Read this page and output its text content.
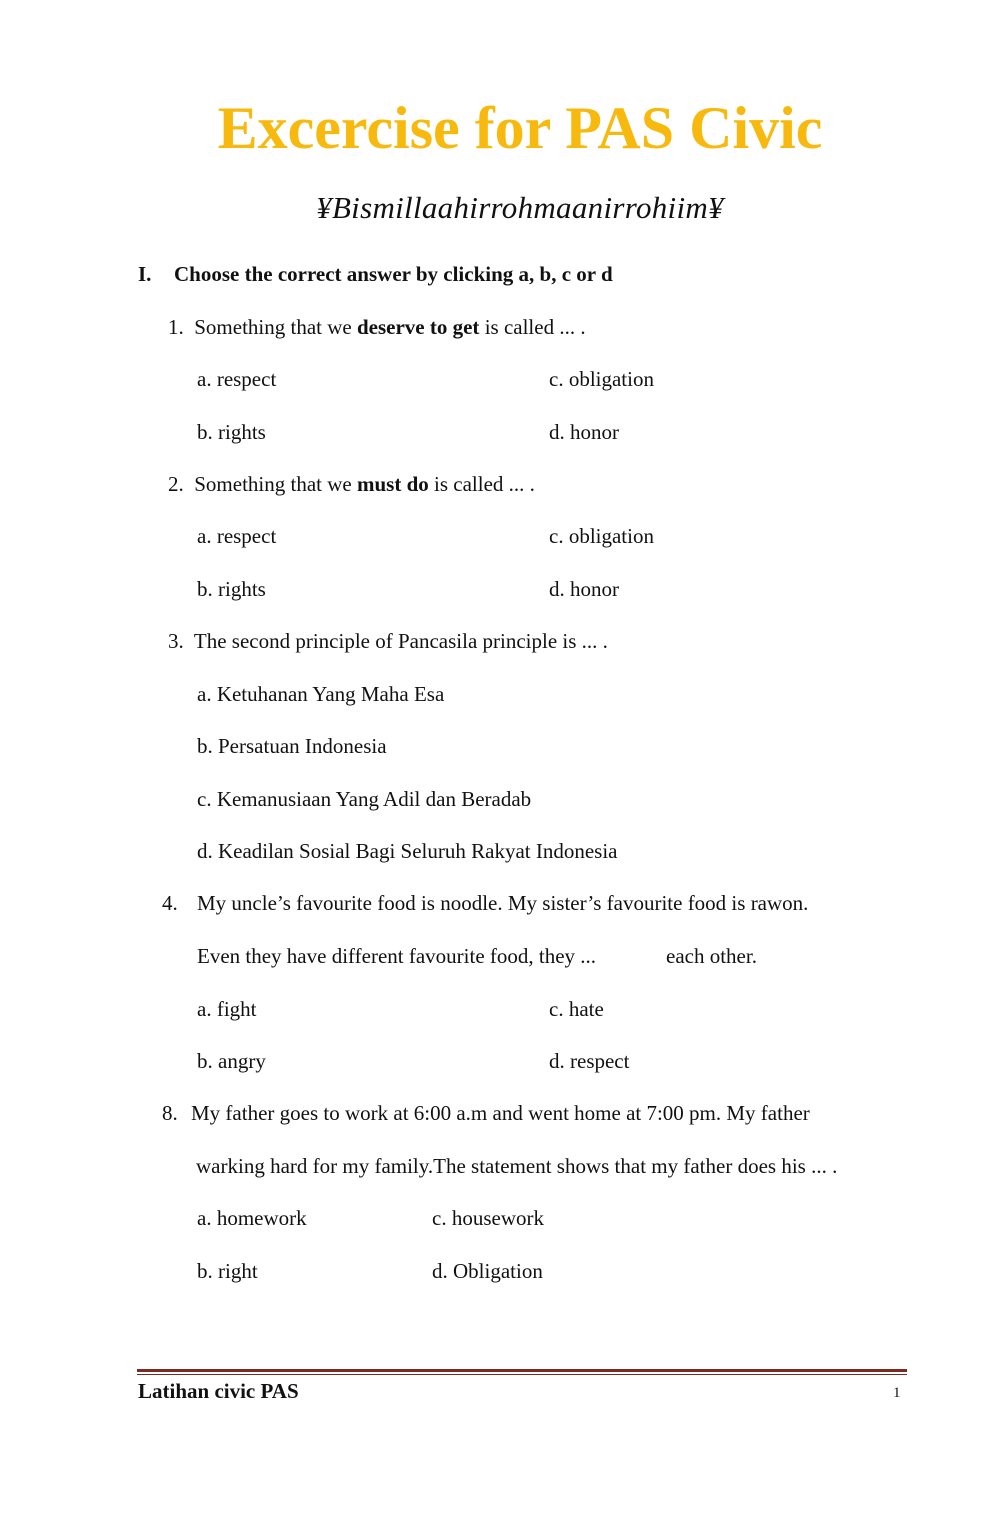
Excercise for PAS Civic
¥Bismillaahirrohmaanirrohiim¥
I. Choose the correct answer by clicking a, b, c or d
1. Something that we deserve to get is called ... .
a. respect	c. obligation
b. rights	d. honor
2. Something that we must do is called ... .
a. respect	c. obligation
b. rights	d. honor
3. The second principle of Pancasila principle is ... .
a. Ketuhanan Yang Maha Esa
b. Persatuan Indonesia
c. Kemanusiaan Yang Adil dan Beradab
d. Keadilan Sosial Bagi Seluruh Rakyat Indonesia
4. My uncle’s favourite food is noodle. My sister’s favourite food is rawon.
Even they have different favourite food, they ...	each other.
a. fight	c. hate
b. angry	d. respect
8. My father goes to work at 6:00 a.m and went home at 7:00 pm. My father
warking hard for my family.The statement shows that my father does his ... .
a. homework	c. housework
b. right	d. Obligation
Latihan civic PAS	1
